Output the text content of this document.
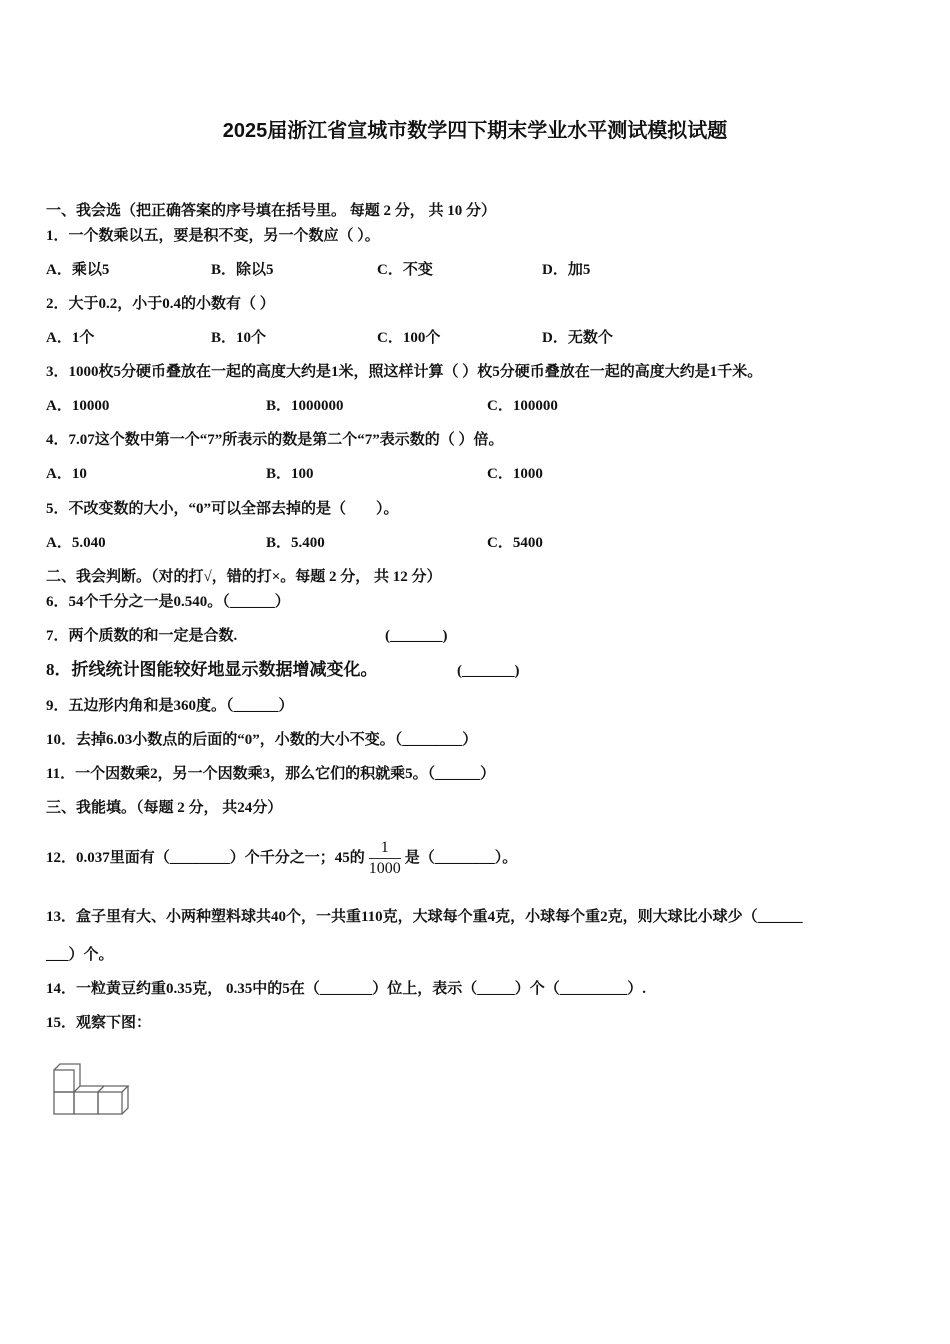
2025届浙江省宣城市数学四下期末学业水平测试模拟试题
一、我会选（把正确答案的序号填在括号里。 每题 2 分， 共 10 分）
1．一个数乘以五，要是积不变，另一个数应（ ）。
A．乘以5	B．除以5	C．不变	D．加5
2．大于0.2，小于0.4的小数有（ ）
A．1个	B．10个	C．100个	D．无数个
3．1000枚5分硬币叠放在一起的高度大约是1米，照这样计算（ ）枚5分硬币叠放在一起的高度大约是1千米。
A．10000	B．1000000	C．100000
4．7.07这个数中第一个“7”所表示的数是第二个“7”表示数的（ ）倍。
A．10	B．100	C．1000
5．不改变数的大小，“0”可以全部去掉的是（　　）。
A．5.040	B．5.400	C．5400
二、我会判断。（对的打√，错的打×。每题 2 分， 共 12 分）
6．54个千分之一是0.540。（______）
7．两个质数的和一定是合数.	(_______)
8．折线统计图能较好地显示数据增减变化。	(_______)
9．五边形内角和是360度。（______）
10．去掉6.03小数点的后面的“0”，小数的大小不变。（________）
11．一个因数乘2，另一个因数乘3，那么它们的积就乘5。（______）
三、我能填。（每题 2 分， 共24分）
12．0.037里面有（________）个千分之一；45的 $\frac{1}{1000}$ 是（________）。
13．盒子里有大、小两种塑料球共40个，一共重110克，大球每个重4克，小球每个重2克，则大球比小球少（______
___）个。
14．一粒黄豆约重0.35克， 0.35中的5在（_______）位上，表示（_____）个（_________）.
15．观察下图：
